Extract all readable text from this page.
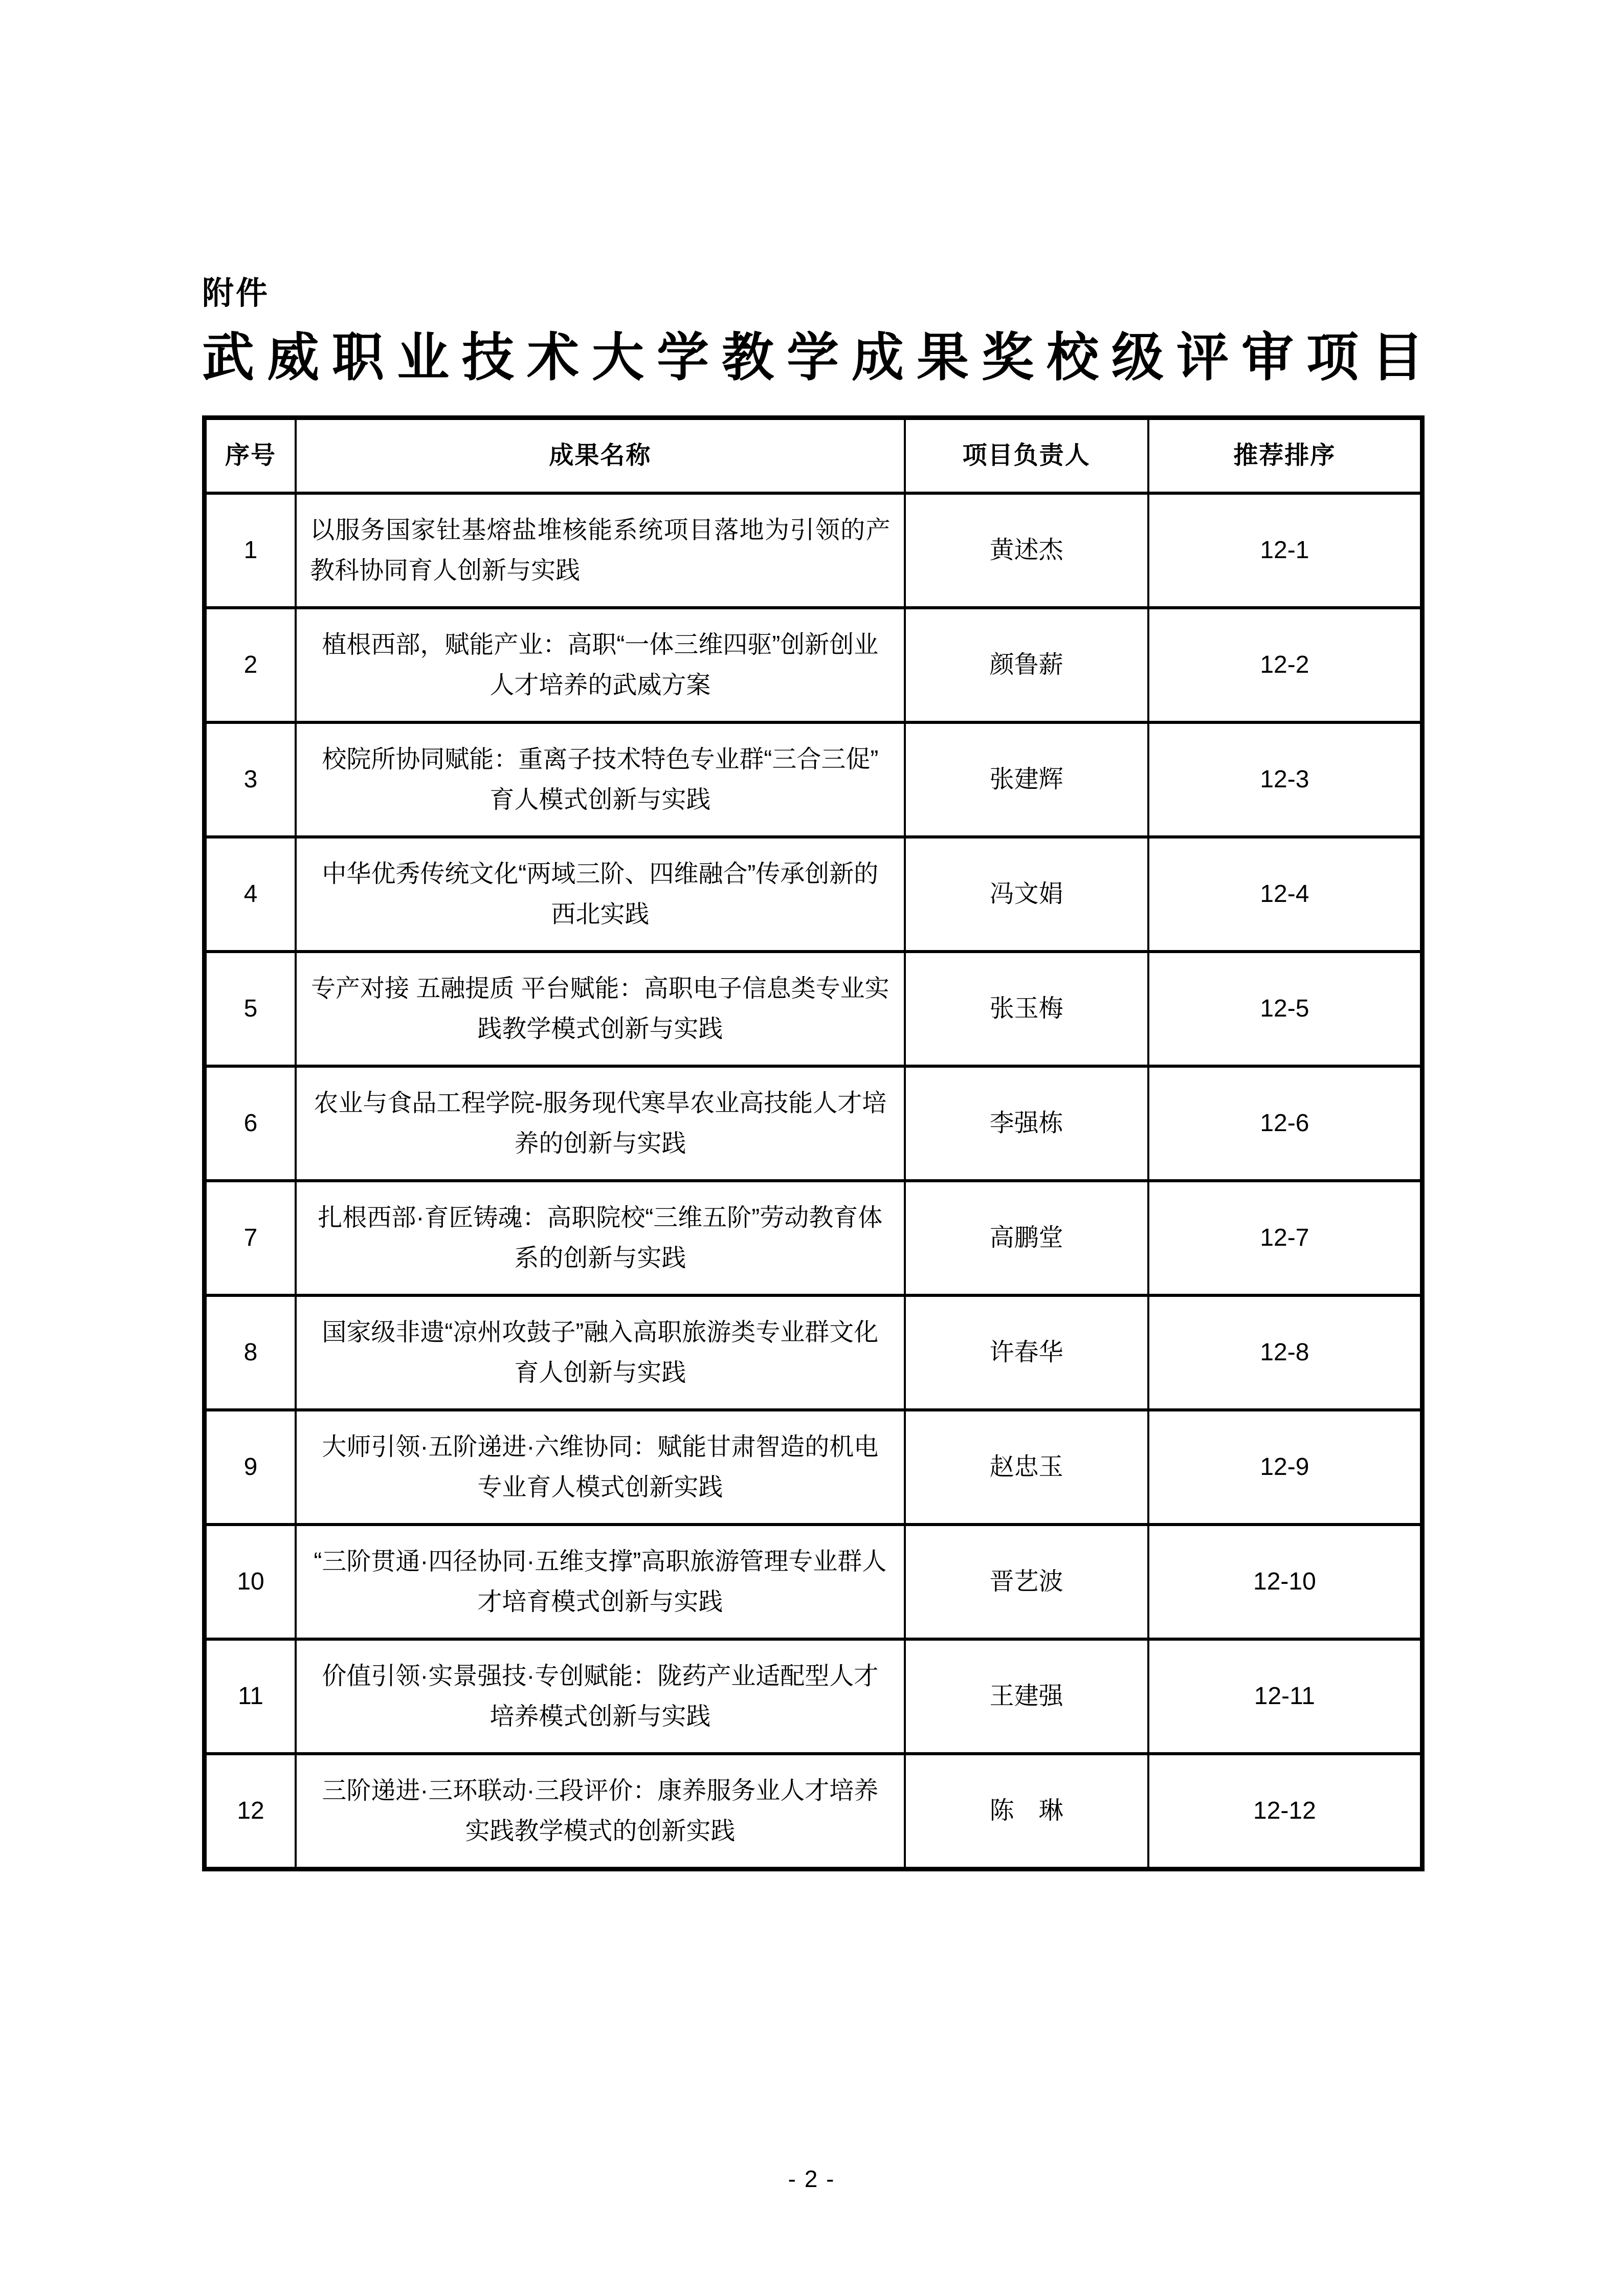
附件
武威职业技术大学教学成果奖校级评审项目
序号	成果名称	项目负责人	推荐排序
1	以服务国家钍基熔盐堆核能系统项目落地为引领的产教科协同育人创新与实践	黄述杰	12-1
2	植根西部，赋能产业：高职“一体三维四驱”创新创业人才培养的武威方案	颜鲁薪	12-2
3	校院所协同赋能：重离子技术特色专业群“三合三促”育人模式创新与实践	张建辉	12-3
4	中华优秀传统文化“两域三阶、四维融合”传承创新的西北实践	冯文娟	12-4
5	专产对接 五融提质 平台赋能：高职电子信息类专业实践教学模式创新与实践	张玉梅	12-5
6	农业与食品工程学院-服务现代寒旱农业高技能人才培养的创新与实践	李强栋	12-6
7	扎根西部·育匠铸魂：高职院校“三维五阶”劳动教育体系的创新与实践	高鹏堂	12-7
8	国家级非遗“凉州攻鼓子”融入高职旅游类专业群文化育人创新与实践	许春华	12-8
9	大师引领·五阶递进·六维协同：赋能甘肃智造的机电专业育人模式创新实践	赵忠玉	12-9
10	“三阶贯通·四径协同·五维支撑”高职旅游管理专业群人才培育模式创新与实践	晋艺波	12-10
11	价值引领·实景强技·专创赋能：陇药产业适配型人才培养模式创新与实践	王建强	12-11
12	三阶递进·三环联动·三段评价：康养服务业人才培养实践教学模式的创新实践	陈　琳	12-12
- 2 -
